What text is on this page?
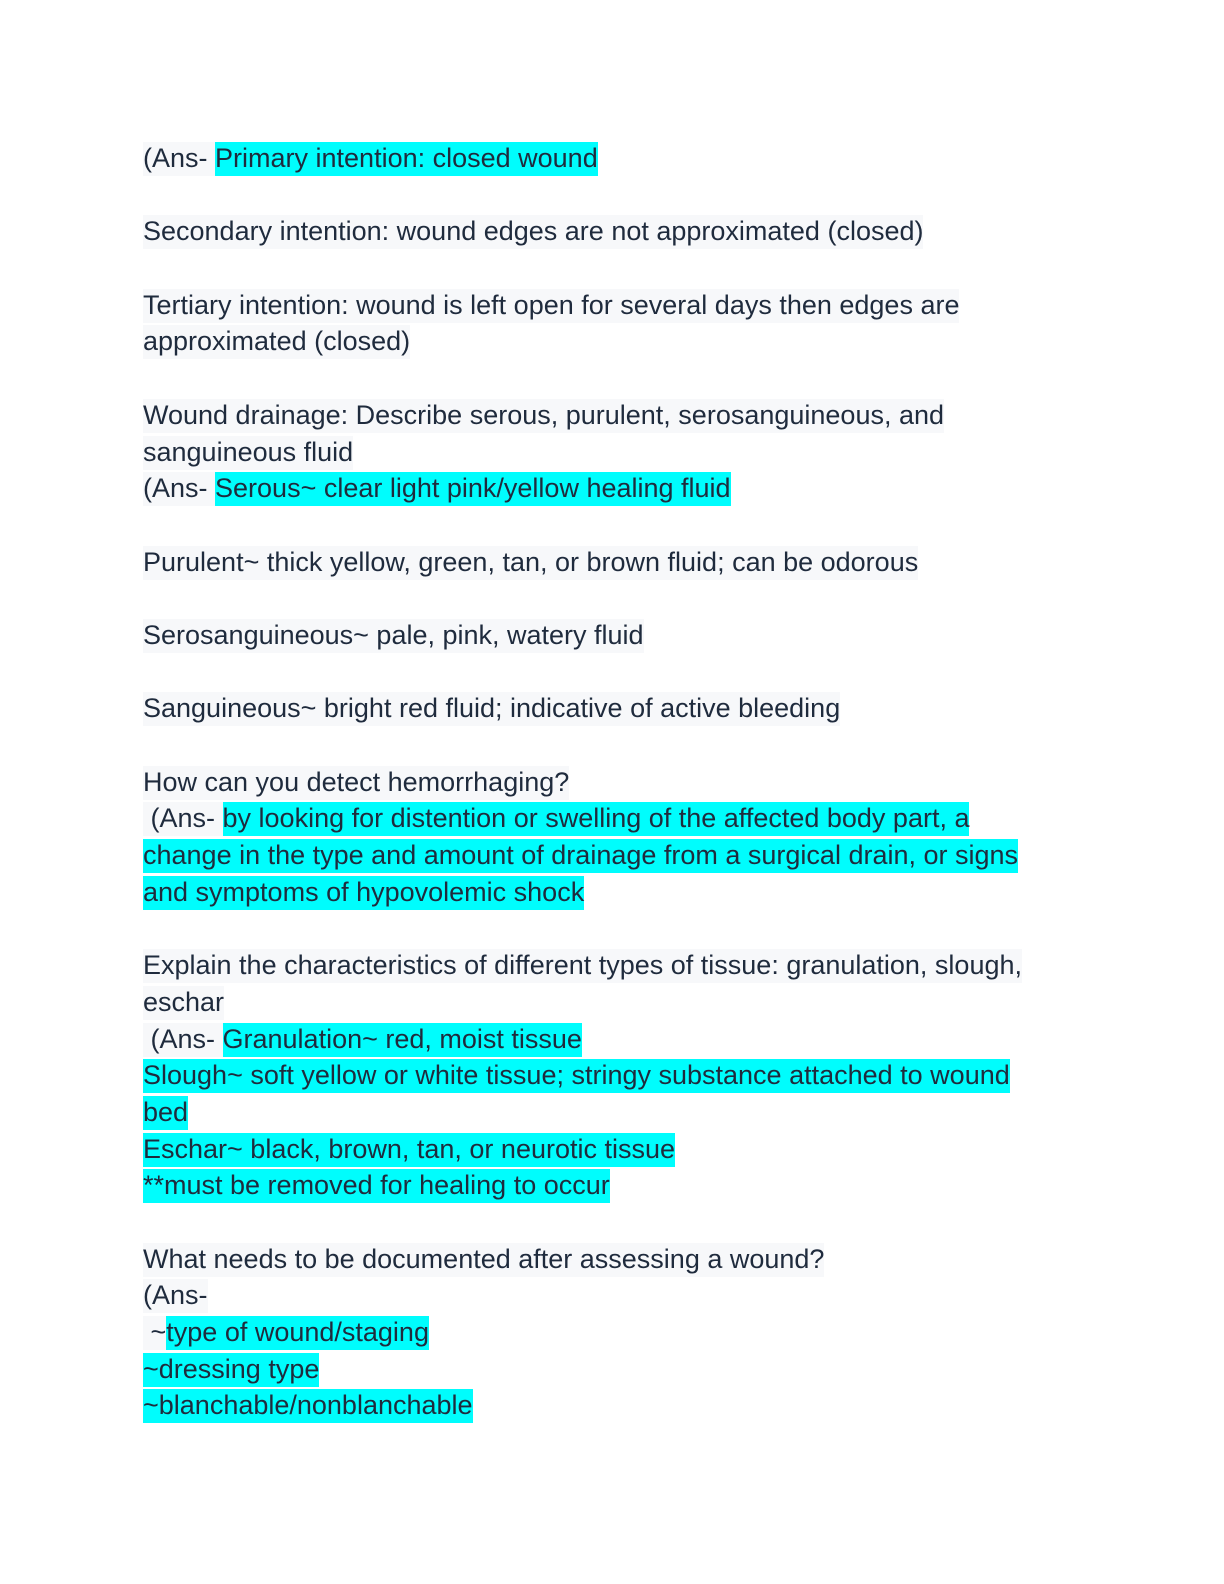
(Ans- Primary intention: closed wound
Secondary intention: wound edges are not approximated (closed)
Tertiary intention: wound is left open for several days then edges are
approximated (closed)
Wound drainage: Describe serous, purulent, serosanguineous, and
sanguineous fluid
(Ans- Serous~ clear light pink/yellow healing fluid
Purulent~ thick yellow, green, tan, or brown fluid; can be odorous
Serosanguineous~ pale, pink, watery fluid
Sanguineous~ bright red fluid; indicative of active bleeding
How can you detect hemorrhaging?
(Ans- by looking for distention or swelling of the affected body part, a
change in the type and amount of drainage from a surgical drain, or signs
and symptoms of hypovolemic shock
Explain the characteristics of different types of tissue: granulation, slough,
eschar
(Ans- Granulation~ red, moist tissue
Slough~ soft yellow or white tissue; stringy substance attached to wound
bed
Eschar~ black, brown, tan, or neurotic tissue
**must be removed for healing to occur
What needs to be documented after assessing a wound?
(Ans-
~type of wound/staging
~dressing type
~blanchable/nonblanchable
